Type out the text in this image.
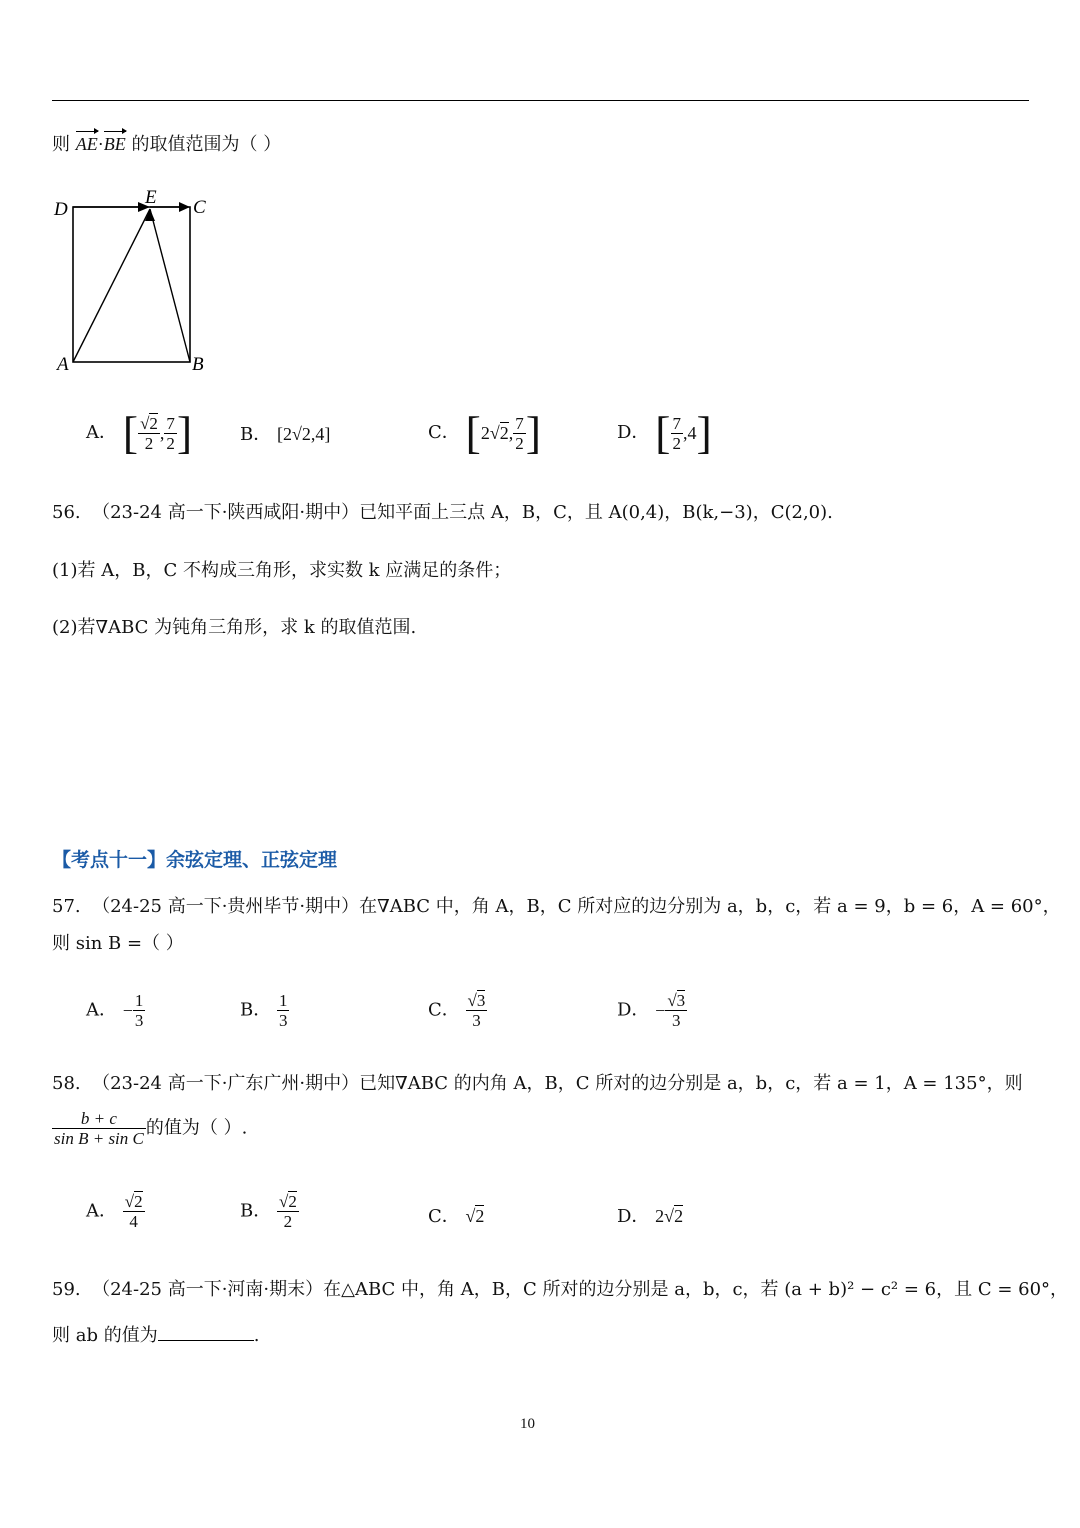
则 AE·BE 的取值范围为（ ）
D
E C
A	B
A． [ $\frac{√2}{2}$ , $\frac{7}{2}$ ]	B． [2√2,4]	C． [2√2, $\frac{7}{2}$ ]	D． [ $\frac{7}{2} ,4$]
56. （23-24 高一下·陕西咸阳·期中）已知平面上三点 A，B，C，且 A(0,4)，B(k,−3)，C(2,0).
(1)若 A，B，C 不构成三角形，求实数 k 应满足的条件；
(2)若∇ABC 为钝角三角形，求 k 的取值范围.
【考点十一】余弦定理、正弦定理
57. （24-25 高一下·贵州毕节·期中）在∇ABC 中，角 A，B，C 所对应的边分别为 a，b，c，若 a = 9，b = 6，A = 60°，
则 sin B =（ ）
A． − $\frac{1}{3}$	B． $\frac{1}{3}$	C． $\frac{√3}{3}$	D． − $\frac{√3}{3}$
58. （23-24 高一下·广东广州·期中）已知∇ABC 的内角 A，B，C 所对的边分别是 a，b，c，若 a = 1，A = 135°，则
$\frac{b + c}{\text{sin B + sin C}}$ 的值为（ ）.
A． $\frac{√2}{4}$	B． $\frac{√2}{2}$	C． √2	D． 2√2
59. （24-25 高一下·河南·期末）在△ABC 中，角 A，B，C 所对的边分别是 a，b，c，若 (a + b)² − c² = 6，且 C = 60°，
则 ab 的值为	.
10
